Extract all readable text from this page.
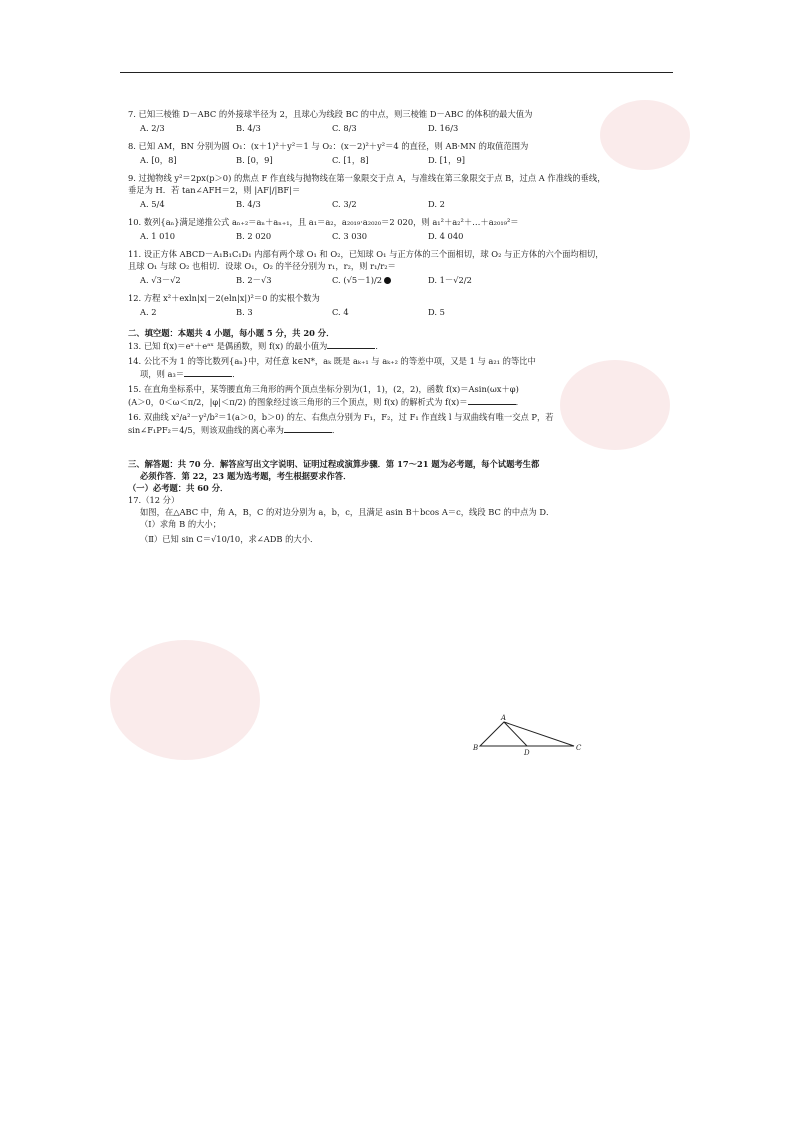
7. 已知三棱锥 D－ABC 的外接球半径为 2，且球心为线段 BC 的中点，则三棱锥 D－ABC 的体积的最大值为

A. 2/3	B. 4/3	C. 8/3	D. 16/3

8. 已知 AM，BN 分别为圆 O₁：(x＋1)²＋y²＝1 与 O₂：(x－2)²＋y²＝4 的直径，则 AB·MN 的取值范围为

A. [0，8]	B. [0，9]	C. [1，8]	D. [1，9]

9. 过抛物线 y²＝2px(p＞0) 的焦点 F 作直线与抛物线在第一象限交于点 A，与准线在第三象限交于点 B，过点 A 作准线的垂线，垂足为 H．若 tan∠AFH＝2，则 |AF|/|BF|＝

A. 5/4	B. 4/3	C. 3/2	D. 2

10. 数列{aₙ}满足递推公式 aₙ₊₂＝aₙ＋aₙ₊₁，且 a₁＝a₂，a₂₀₁₉·a₂₀₂₀＝2 020，则 a₁²＋a₂²＋…＋a₂₀₁₉²＝

A. 1 010	B. 2 020	C. 3 030	D. 4 040

11. 设正方体 ABCD－A₁B₁C₁D₁ 内部有两个球 O₁ 和 O₂，已知球 O₁ 与正方体的三个面相切，球 O₂ 与正方体的六个面均相切，且球 O₁ 与球 O₂ 也相切．设球 O₁，O₂ 的半径分别为 r₁，r₂，则 r₁/r₂＝

A. √3－√2	B. 2－√3	C. (√5－1)/2	D. 1－√2/2

12. 方程 x²＋exln|x|－2(eln|x|)²＝0 的实根个数为

A. 2	B. 3	C. 4	D. 5

二、填空题：本题共 4 小题，每小题 5 分，共 20 分．

13. 已知 f(x)＝eˣ＋eᵃˣ 是偶函数，则 f(x) 的最小值为	．

14. 公比不为 1 的等比数列{aₙ}中，对任意 k∈N*，aₖ 既是 aₖ₊₁ 与 aₖ₊₂ 的等差中项，又是 1 与 a₂₁ 的等比中

项，则 a₃＝	．

15. 在直角坐标系中，某等腰直角三角形的两个顶点坐标分别为(1，1)，(2，2)，函数 f(x)＝Asin(ωx＋φ)

(A＞0，0＜ω＜π/2，|φ|＜π/2) 的图象经过该三角形的三个顶点，则 f(x) 的解析式为 f(x)＝	．

16. 双曲线 x²/a²－y²/b²＝1(a＞0，b＞0) 的左、右焦点分别为 F₁，F₂，过 F₁ 作直线 l 与双曲线有唯一交点 P，若

sin∠F₁PF₂＝4/5，则该双曲线的离心率为	．

三、解答题：共 70 分．解答应写出文字说明、证明过程或演算步骤．第 17～21 题为必考题，每个试题考生都

必须作答．第 22，23 题为选考题，考生根据要求作答．

（一）必考题：共 60 分．

17.（12 分）

如图，在△ABC 中，角 A，B，C 的对边分别为 a，b，c，且满足 asin B＋bcos A＝c，线段 BC 的中点为 D．

（Ⅰ）求角 B 的大小；

（Ⅱ）已知 sin C＝√10/10，求∠ADB 的大小．

A
B	C
D
